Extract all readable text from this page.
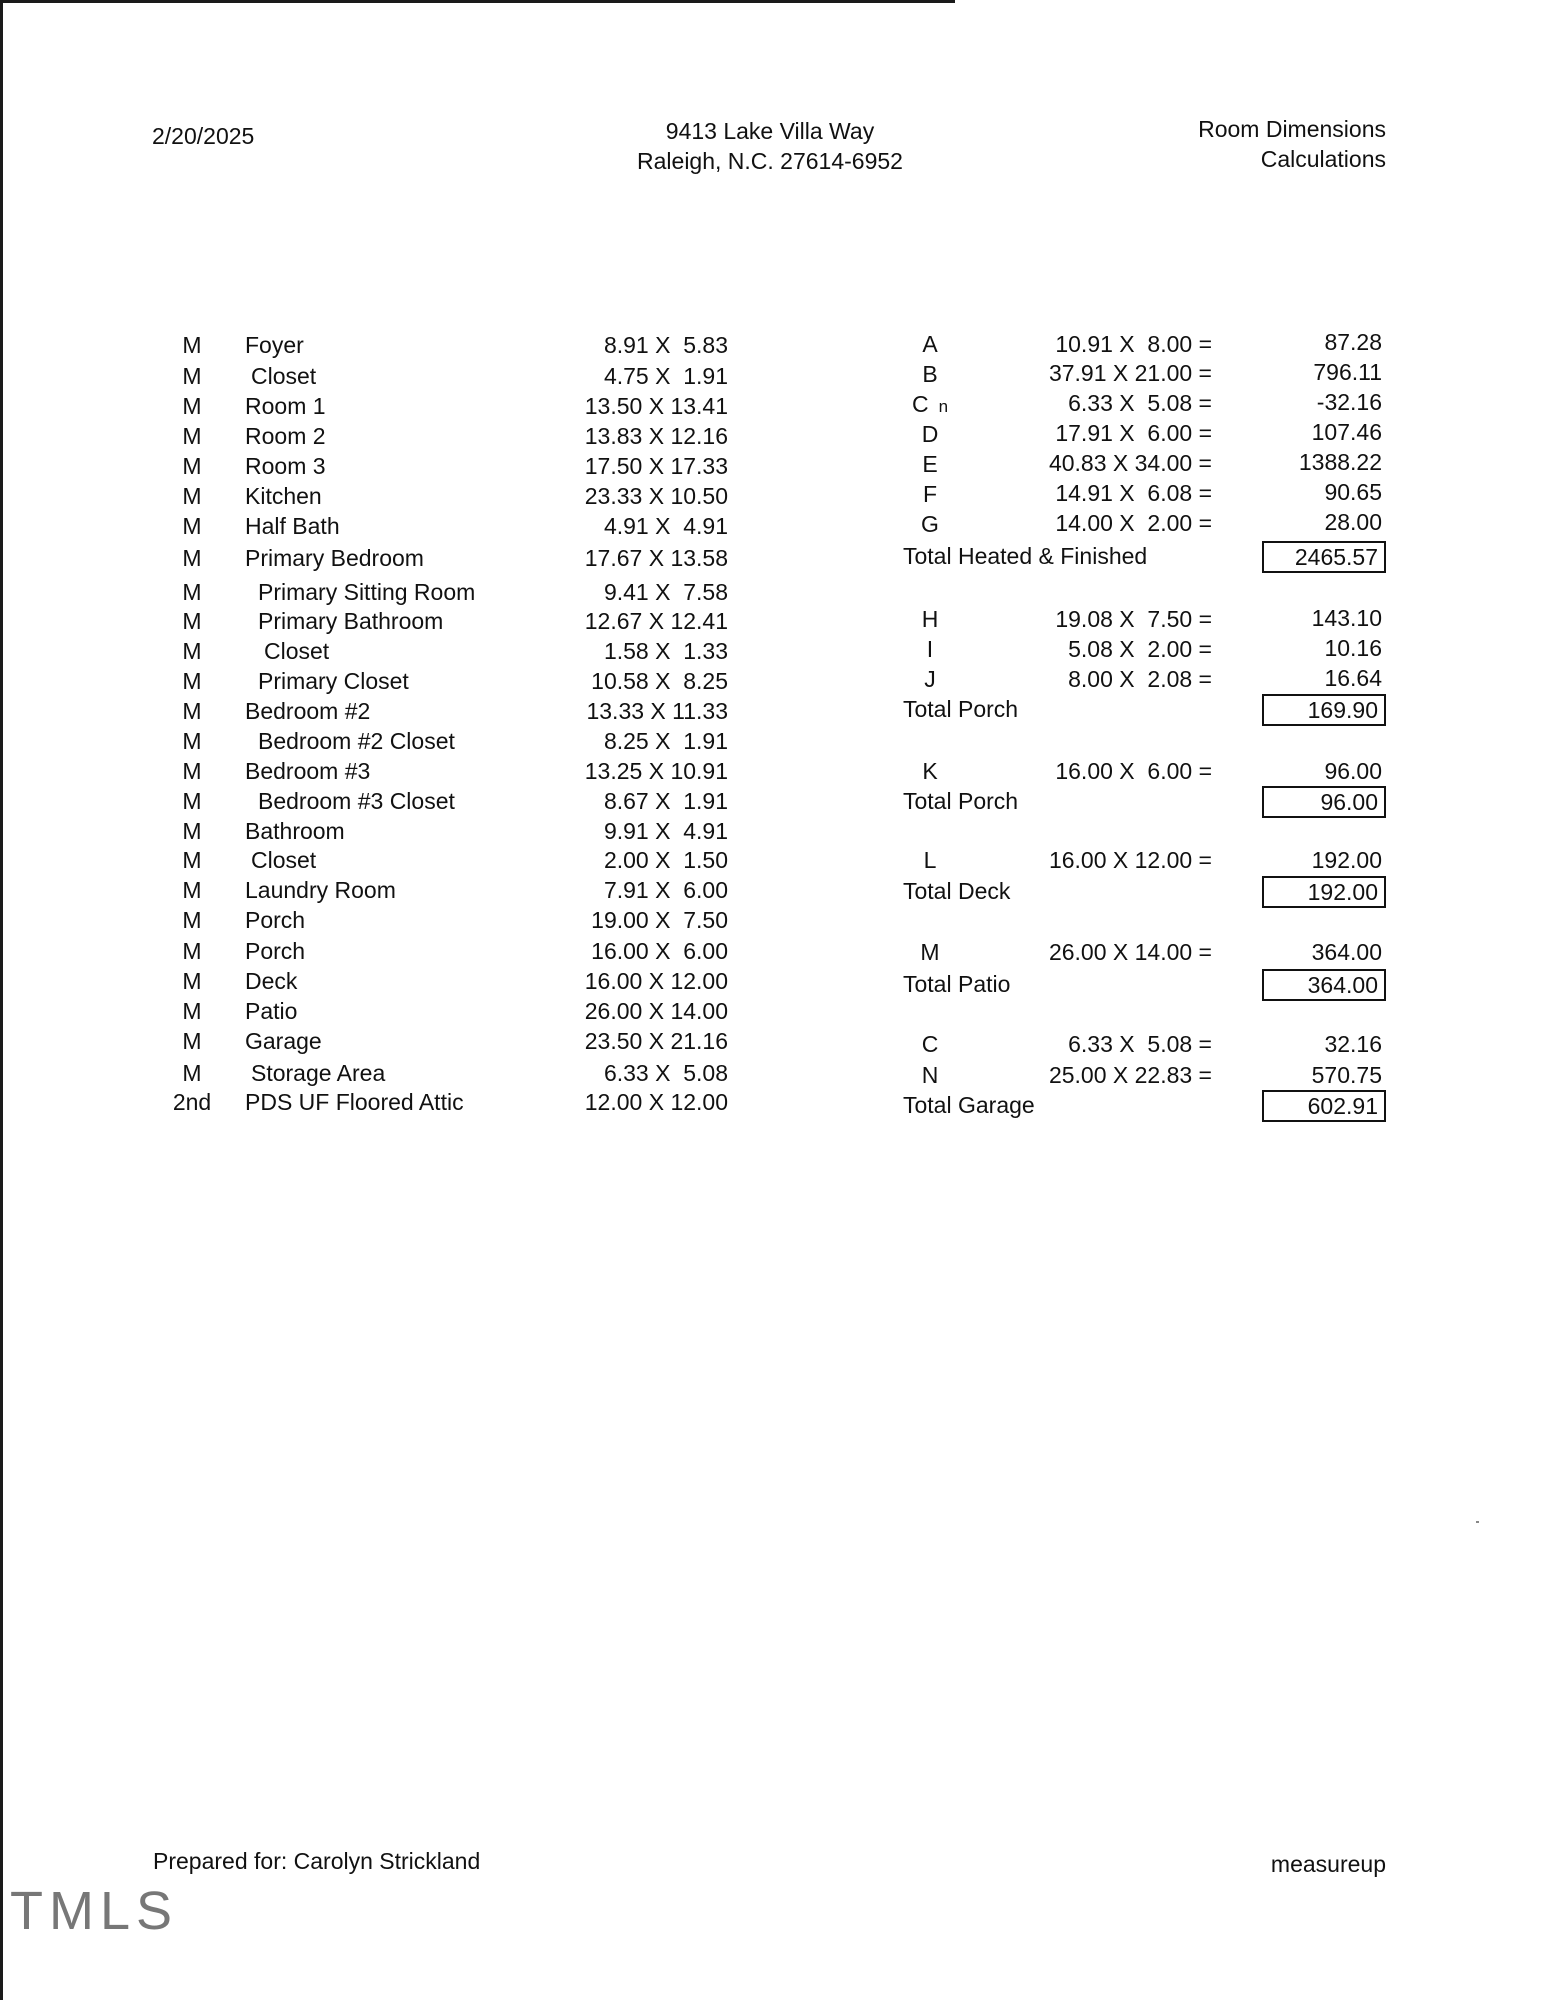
2/20/2025	9413 Lake Villa Way
Raleigh, N.C. 27614-6952
Room Dimensions
Calculations
M	Foyer	8.91 X  5.83
M	Closet	4.75 X  1.91
M	Room 1	13.50 X 13.41
M	Room 2	13.83 X 12.16
M	Room 3	17.50 X 17.33
M	Kitchen	23.33 X 10.50
M	Half Bath	4.91 X  4.91
M	Primary Bedroom	17.67 X 13.58
M	Primary Sitting Room	9.41 X  7.58
M	Primary Bathroom	12.67 X 12.41
M	Closet	1.58 X  1.33
M	Primary Closet	10.58 X  8.25
M	Bedroom #2	13.33 X 11.33
M	Bedroom #2 Closet	8.25 X  1.91
M	Bedroom #3	13.25 X 10.91
M	Bedroom #3 Closet	8.67 X  1.91
M	Bathroom	9.91 X  4.91
M	Closet	2.00 X  1.50
M	Laundry Room	7.91 X  6.00
M	Porch	19.00 X  7.50
M	Porch	16.00 X  6.00
M	Deck	16.00 X 12.00
M	Patio	26.00 X 14.00
M	Garage	23.50 X 21.16
M	Storage Area	6.33 X  5.08
2nd	PDS UF Floored Attic	12.00 X 12.00
A	10.91 X  8.00 =	87.28
B	37.91 X 21.00 =	796.11
C n	6.33 X  5.08 =	-32.16
D	17.91 X  6.00 =	107.46
E	40.83 X 34.00 =	1388.22
F	14.91 X  6.08 =	90.65
G	14.00 X  2.00 =	28.00
Total Heated & Finished	2465.57
H	19.08 X  7.50 =	143.10
I	5.08 X  2.00 =	10.16
J	8.00 X  2.08 =	16.64
Total Porch	169.90
K	16.00 X  6.00 =	96.00
Total Porch	96.00
L	16.00 X 12.00 =	192.00
Total Deck	192.00
M	26.00 X 14.00 =	364.00
Total Patio	364.00
C	6.33 X  5.08 =	32.16
N	25.00 X 22.83 =	570.75
Total Garage	602.91
Prepared for: Carolyn Strickland	measureup
TMLS
